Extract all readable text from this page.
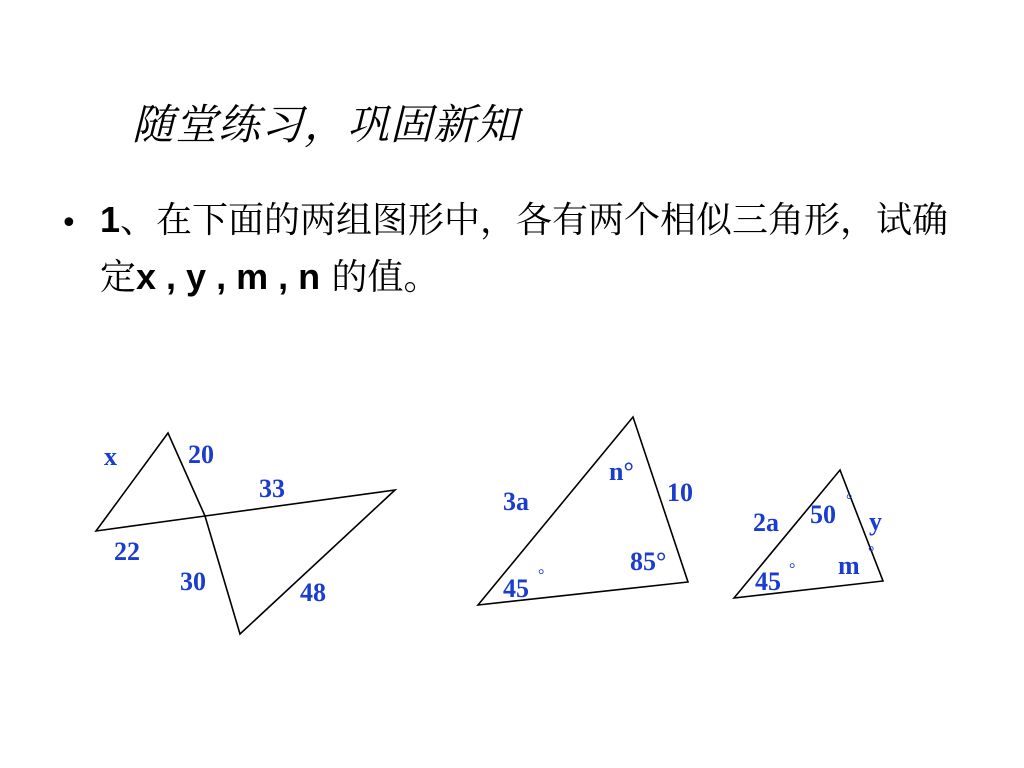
随堂练习，巩固新知
• 1、在下面的两组图形中，各有两个相似三角形，试确定x , y , m , n 的值。
x	20
33
22
30	48
n°
3a	10
85°
45 °
2a 50 °
y
m °
45 °
